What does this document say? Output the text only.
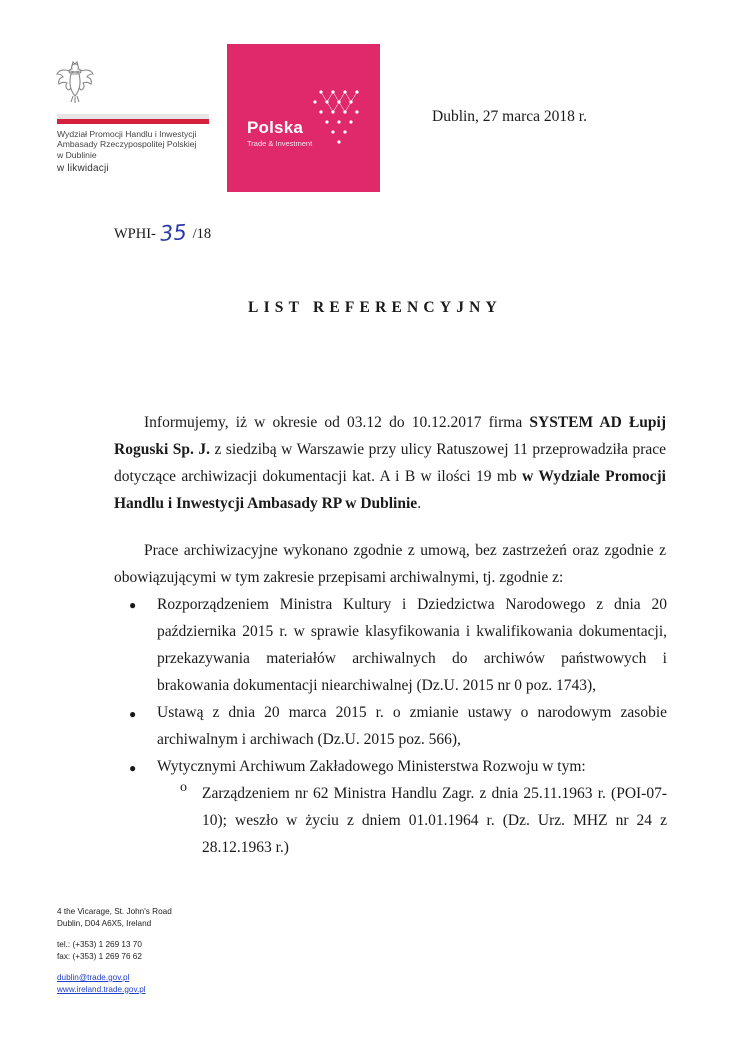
Wydział Promocji Handlu i Inwestycji
Ambasady Rzeczypospolitej Polskiej
w Dublinie
w likwidacji
Polska
Trade & Investment
Dublin, 27 marca 2018 r.
WPHI- 35 /18
LIST REFERENCYJNY
Informujemy, iż w okresie od 03.12 do 10.12.2017 firma SYSTEM AD Łupij Roguski Sp. J. z siedzibą w Warszawie przy ulicy Ratuszowej 11 przeprowadziła prace dotyczące archiwizacji dokumentacji kat. A i B w ilości 19 mb w Wydziale Promocji Handlu i Inwestycji Ambasady RP w Dublinie.
Prace archiwizacyjne wykonano zgodnie z umową, bez zastrzeżeń oraz zgodnie z obowiązującymi w tym zakresie przepisami archiwalnymi, tj. zgodnie z:
● Rozporządzeniem Ministra Kultury i Dziedzictwa Narodowego z dnia 20 października 2015 r. w sprawie klasyfikowania i kwalifikowania dokumentacji, przekazywania materiałów archiwalnych do archiwów państwowych i brakowania dokumentacji niearchiwalnej (Dz.U. 2015 nr 0 poz. 1743),
● Ustawą z dnia 20 marca 2015 r. o zmianie ustawy o narodowym zasobie archiwalnym i archiwach (Dz.U. 2015 poz. 566),
● Wytycznymi Archiwum Zakładowego Ministerstwa Rozwoju w tym:
o Zarządzeniem nr 62 Ministra Handlu Zagr. z dnia 25.11.1963 r. (POI-07-10); weszło w życiu z dniem 01.01.1964 r. (Dz. Urz. MHZ nr 24 z 28.12.1963 r.)
4 the Vicarage, St. John's Road
Dublin, D04 A6X5, Ireland
tel.: (+353) 1 269 13 70
fax: (+353) 1 269 76 62
dublin@trade.gov.pl
www.ireland.trade.gov.pl
